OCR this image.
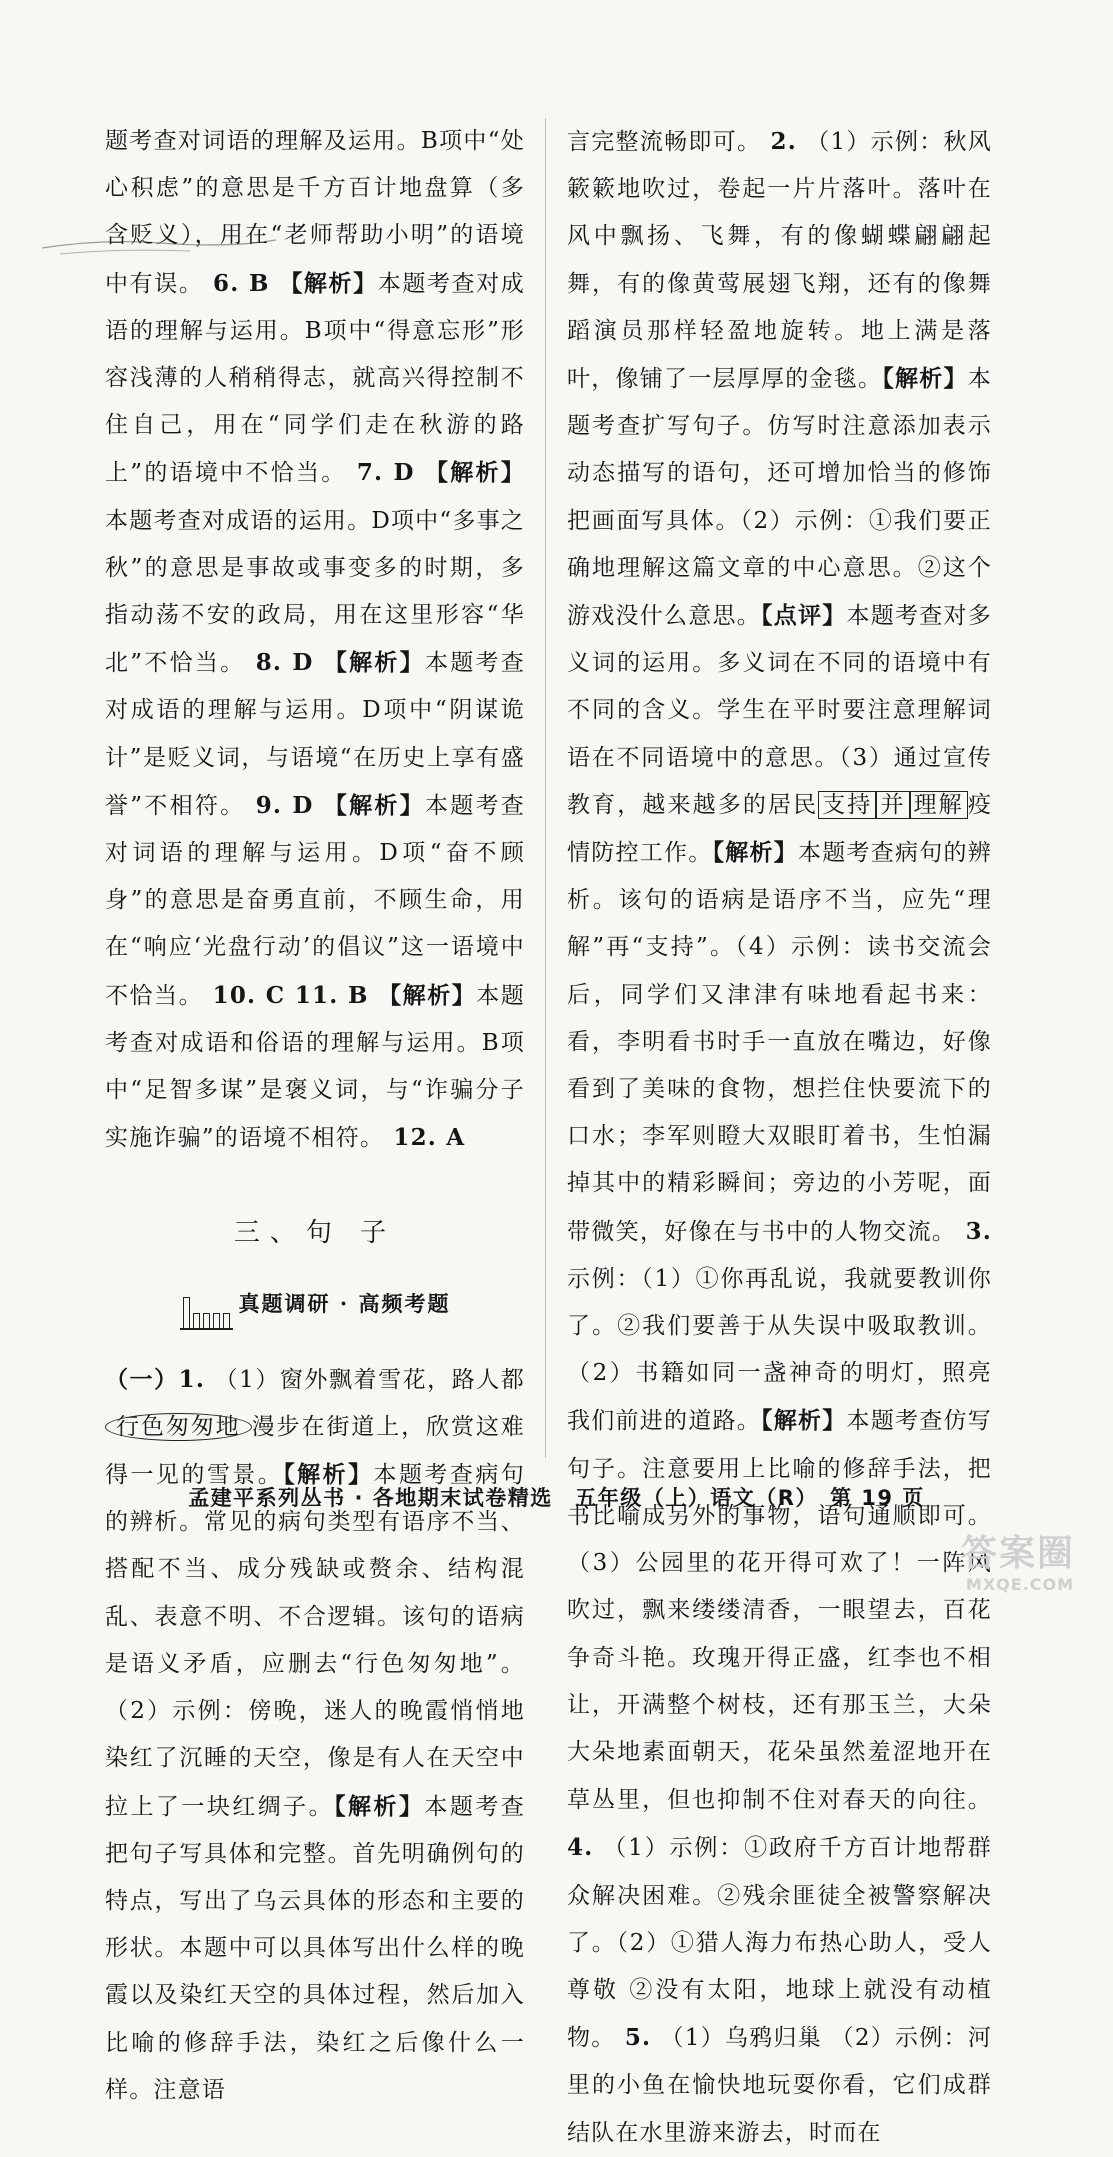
题考查对词语的理解及运用。B项中“处心积虑”的意思是千方百计地盘算（多含贬义），用在“老师帮助小明”的语境中有误。 6. B 【解析】本题考查对成语的理解与运用。B项中“得意忘形”形容浅薄的人稍稍得志，就高兴得控制不住自己，用在“同学们走在秋游的路上”的语境中不恰当。 7. D 【解析】本题考查对成语的运用。D项中“多事之秋”的意思是事故或事变多的时期，多指动荡不安的政局，用在这里形容“华北”不恰当。 8. D 【解析】本题考查对成语的理解与运用。D项中“阴谋诡计”是贬义词，与语境“在历史上享有盛誉”不相符。 9. D 【解析】本题考查对词语的理解与运用。D项“奋不顾身”的意思是奋勇直前，不顾生命，用在“响应‘光盘行动’的倡议”这一语境中不恰当。 10. C 11. B 【解析】本题考查对成语和俗语的理解与运用。B项中“足智多谋”是褒义词，与“诈骗分子实施诈骗”的语境不相符。 12. A

三、句 子
真题调研 · 高频考题

（一）1. （1）窗外飘着雪花，路人都行色匆匆地 漫步在街道上，欣赏这难得一见的雪景。【解析】本题考查病句的辨析。常见的病句类型有语序不当、搭配不当、成分残缺或赘余、结构混乱、表意不明、不合逻辑。该句的语病是语义矛盾，应删去“行色匆匆地”。（2）示例：傍晚，迷人的晚霞悄悄地染红了沉睡的天空，像是有人在天空中拉上了一块红绸子。【解析】本题考查把句子写具体和完整。首先明确例句的特点，写出了乌云具体的形态和主要的形状。本题中可以具体写出什么样的晚霞以及染红天空的具体过程，然后加入比喻的修辞手法，染红之后像什么一样。注意语

言完整流畅即可。 2. （1）示例：秋风簌簌地吹过，卷起一片片落叶。落叶在风中飘扬、飞舞，有的像蝴蝶翩翩起舞，有的像黄莺展翅飞翔，还有的像舞蹈演员那样轻盈地旋转。地上满是落叶，像铺了一层厚厚的金毯。【解析】本题考查扩写句子。仿写时注意添加表示动态描写的语句，还可增加恰当的修饰把画面写具体。（2）示例：①我们要正确地理解这篇文章的中心意思。②这个游戏没什么意思。【点评】本题考查对多义词的运用。多义词在不同的语境中有不同的含义。学生在平时要注意理解词语在不同语境中的意思。（3）通过宣传教育，越来越多的居民 支持 并 理解 疫情防控工作。【解析】本题考查病句的辨析。该句的语病是语序不当，应先“理解”再“支持”。（4）示例：读书交流会后，同学们又津津有味地看起书来：看，李明看书时手一直放在嘴边，好像看到了美味的食物，想拦住快要流下的口水；李军则瞪大双眼盯着书，生怕漏掉其中的精彩瞬间；旁边的小芳呢，面带微笑，好像在与书中的人物交流。 3. 示例：（1）①你再乱说，我就要教训你了。②我们要善于从失误中吸取教训。（2）书籍如同一盏神奇的明灯，照亮我们前进的道路。【解析】本题考查仿写句子。注意要用上比喻的修辞手法，把书比喻成另外的事物，语句通顺即可。（3）公园里的花开得可欢了！一阵风吹过，飘来缕缕清香，一眼望去，百花争奇斗艳。玫瑰开得正盛，红李也不相让，开满整个树枝，还有那玉兰，大朵大朵地素面朝天，花朵虽然羞涩地开在草丛里，但也抑制不住对春天的向往。 4. （1）示例：①政府千方百计地帮群众解决困难。②残余匪徒全被警察解决了。（2）①猎人海力布热心助人，受人尊敬 ②没有太阳，地球上就没有动植物。 5. （1）乌鸦归巢 （2）示例：河里的小鱼在愉快地玩耍你看，它们成群结队在水里游来游去，时而在

孟建平系列丛书 · 各地期末试卷精选　五年级（上）语文（R）　第 19 页
答案圈
MXQE.COM
